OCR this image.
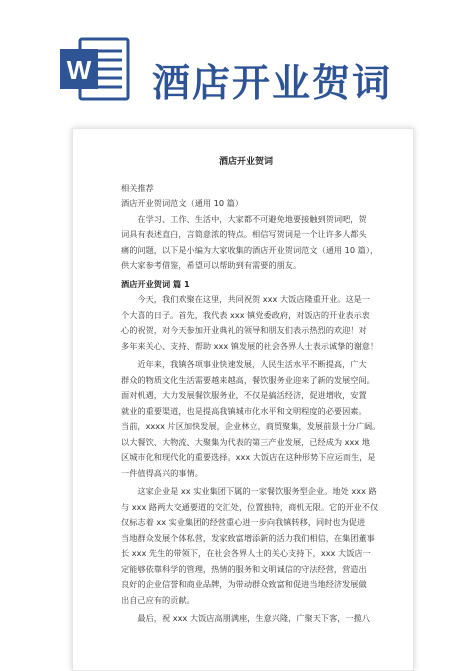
W 酒店开业贺词
酒店开业贺词
相关推荐
酒店开业贺词范文（通用 10 篇）

在学习、工作、生活中，大家都不可避免地要接触到贺词吧，贺

词具有表述直白，言简意浓的特点。相信写贺词是一个让许多人都头

痛的问题，以下是小编为大家收集的酒店开业贺词范文（通用 10 篇），

供大家参考借鉴，希望可以帮助到有需要的朋友。

酒店开业贺词 篇 1

今天，我们欢聚在这里，共同祝贺 xxx 大饭店隆重开业。这是一

个大喜的日子。首先，我代表 xxx 镇党委政府，对饭店的开业表示衷

心的祝贺，对今天参加开业典礼的领导和朋友们表示热烈的欢迎！对

多年来关心、支持、帮助 xxx 镇发展的社会各界人士表示诚挚的谢意！

近年来，我镇各项事业快速发展，人民生活水平不断提高，广大

群众的物质文化生活需要越来越高，餐饮服务业迎来了新的发展空间。

面对机遇，大力发展餐饮服务业，不仅是搞活经济，促进增收，安置

就业的重要渠道，也是提高我镇城市化水平和文明程度的必要因素。

当前，xxxx 片区加快发展，企业林立，商贸聚集，发展前景十分广阔。

以大餐饮、大物流、大聚集为代表的第三产业发展，已经成为 xxx 地

区城市化和现代化的重要选择。xxx 大饭店在这种形势下应运而生，是

一件值得高兴的事情。

这家企业是 xx 实业集团下属的一家餐饮服务型企业。地处 xxx 路

与 xxx 路两大交通要道的交汇处，位置独特，商机无限。它的开业不仅

仅标志着 xx 实业集团的经营重心进一步向我镇转移，同时也为促进

当地群众发展个体私营，发家致富增添新的活力我们相信，在集团董事

长 xxx 先生的带领下，在社会各界人士的关心支持下，xxx 大饭店一

定能够依靠科学的管理，热情的服务和文明诚信的守法经营，营造出

良好的企业信誉和商业品牌，为带动群众致富和促进当地经济发展做

出自己应有的贡献。

最后，祝 xxx 大饭店高朋满座，生意兴隆，广聚天下客，一揽八
